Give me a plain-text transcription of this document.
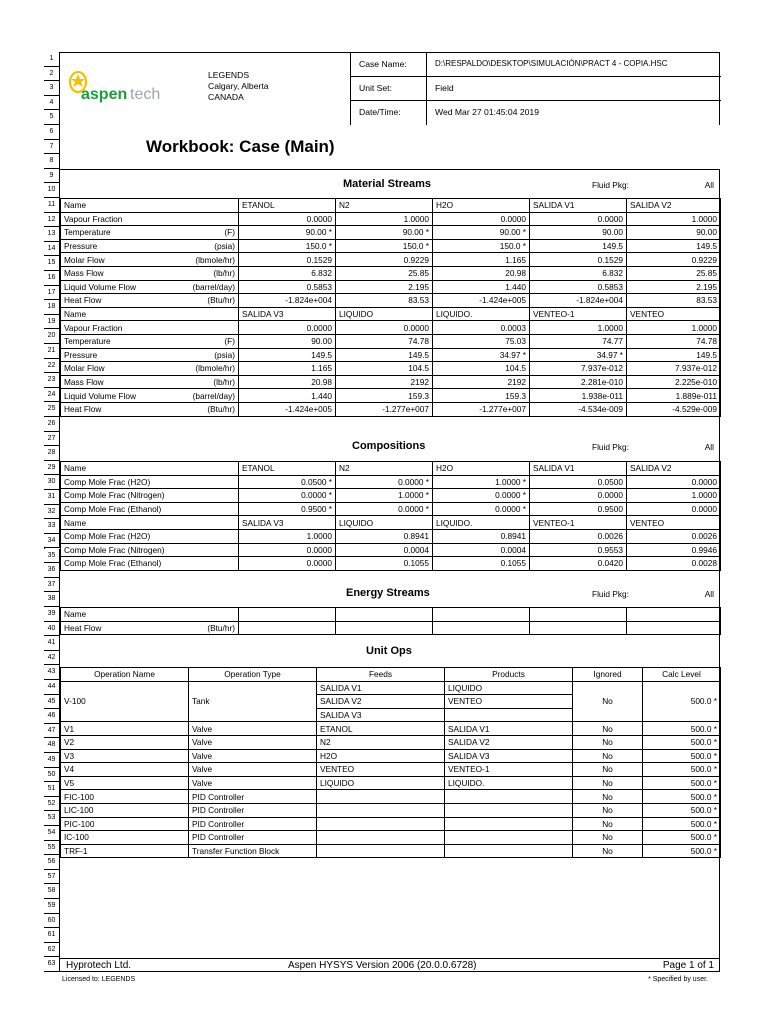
1
2
3
4
5
6
7
8
9
10
11
12
13
14
15
16
17
18
19
20
21
22
23
24
25
26
27
28
29
30
31
32
33
34
35
36
37
38
39
40
41
42
43
44
45
46
47
48
49
50
51
52
53
54
55
56
57
58
59
60
61
62
63
aspen tech
LEGENDS
Calgary, Alberta
CANADA
Case Name:	D:\RESPALDO\DESKTOP\SIMULACIÓN\PRACT 4 - COPIA.HSC
Unit Set:	Field
Date/Time:	Wed Mar 27 01:45:04 2019
Workbook: Case (Main)
Material Streams	Fluid Pkg:	All
Name	ETANOL	N2	H2O	SALIDA V1	SALIDA V2
Vapour Fraction	0.0000	1.0000	0.0000	0.0000	1.0000
Temperature (F)	90.00 *	90.00 *	90.00 *	90.00	90.00
Pressure (psia)	150.0 *	150.0 *	150.0 *	149.5	149.5
Molar Flow (lbmole/hr)	0.1529	0.9229	1.165	0.1529	0.9229
Mass Flow (lb/hr)	6.832	25.85	20.98	6.832	25.85
Liquid Volume Flow (barrel/day)	0.5853	2.195	1.440	0.5853	2.195
Heat Flow (Btu/hr)	-1.824e+004	83.53	-1.424e+005	-1.824e+004	83.53
Name	SALIDA V3	LIQUIDO	LIQUIDO.	VENTEO-1	VENTEO
Vapour Fraction	0.0000	0.0000	0.0003	1.0000	1.0000
Temperature (F)	90.00	74.78	75.03	74.77	74.78
Pressure (psia)	149.5	149.5	34.97 *	34.97 *	149.5
Molar Flow (lbmole/hr)	1.165	104.5	104.5	7.937e-012	7.937e-012
Mass Flow (lb/hr)	20.98	2192	2192	2.281e-010	2.225e-010
Liquid Volume Flow (barrel/day)	1.440	159.3	159.3	1.938e-011	1.889e-011
Heat Flow (Btu/hr)	-1.424e+005	-1.277e+007	-1.277e+007	-4.534e-009	-4.529e-009
Compositions	Fluid Pkg:	All
Name	ETANOL	N2	H2O	SALIDA V1	SALIDA V2
Comp Mole Frac (H2O)	0.0500 *	0.0000 *	1.0000 *	0.0500	0.0000
Comp Mole Frac (Nitrogen)	0.0000 *	1.0000 *	0.0000 *	0.0000	1.0000
Comp Mole Frac (Ethanol)	0.9500 *	0.0000 *	0.0000 *	0.9500	0.0000
Name	SALIDA V3	LIQUIDO	LIQUIDO.	VENTEO-1	VENTEO
Comp Mole Frac (H2O)	1.0000	0.8941	0.8941	0.0026	0.0026
Comp Mole Frac (Nitrogen)	0.0000	0.0004	0.0004	0.9553	0.9946
Comp Mole Frac (Ethanol)	0.0000	0.1055	0.1055	0.0420	0.0028
Energy Streams	Fluid Pkg:	All
Name					
Heat Flow (Btu/hr)					

Unit Ops
Operation Name	Operation Type	Feeds	Products	Ignored	Calc Level
V-100	Tank	SALIDA V1	LIQUIDO	No	500.0 *
		SALIDA V2	VENTEO		
		SALIDA V3			
V1	Valve	ETANOL	SALIDA V1	No	500.0 *
V2	Valve	N2	SALIDA V2	No	500.0 *
V3	Valve	H2O	SALIDA V3	No	500.0 *
V4	Valve	VENTEO	VENTEO-1	No	500.0 *
V5	Valve	LIQUIDO	LIQUIDO.	No	500.0 *
FIC-100	PID Controller			No	500.0 *
LIC-100	PID Controller			No	500.0 *
PIC-100	PID Controller			No	500.0 *
IC-100	PID Controller			No	500.0 *
TRF-1	Transfer Function Block			No	500.0 *
Hyprotech Ltd.	Aspen HYSYS Version 2006 (20.0.0.6728)	Page 1 of 1
Licensed to: LEGENDS	* Specified by user.
